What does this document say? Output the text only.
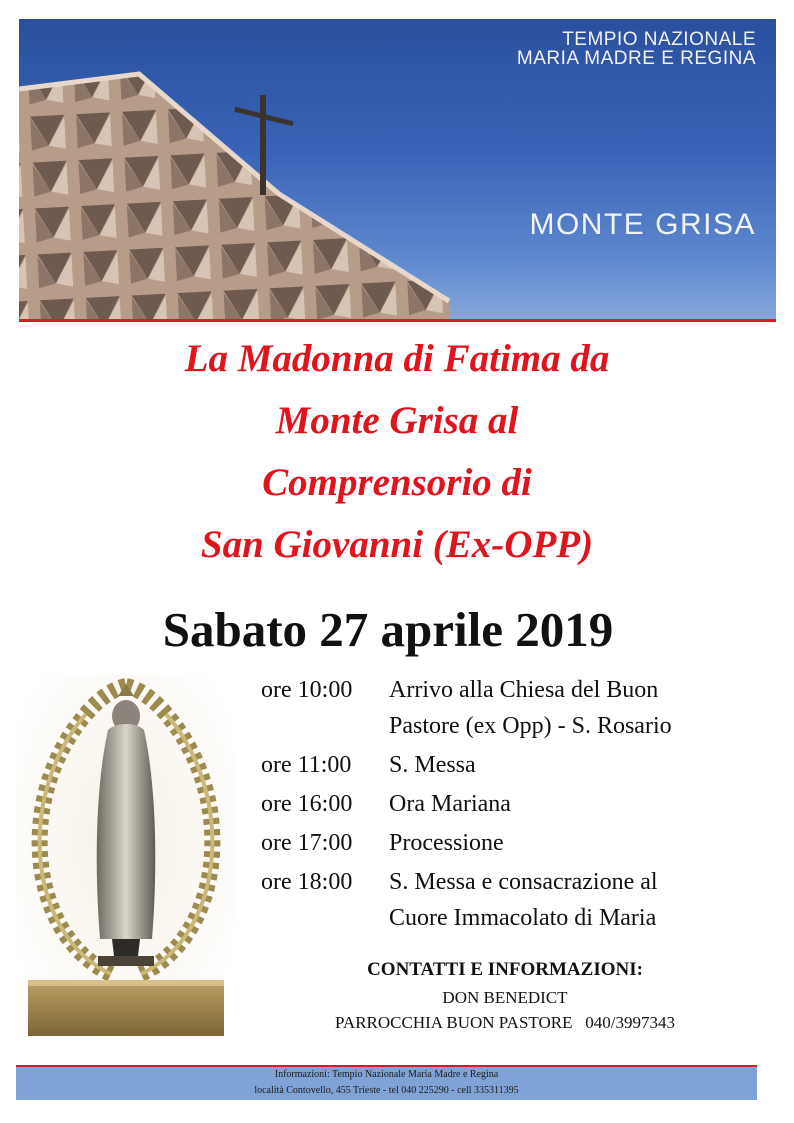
TEMPIO NAZIONALE
MARIA MADRE E REGINA
MONTE GRISA
La Madonna di Fatima da
Monte Grisa al
Comprensorio di
San Giovanni (Ex-OPP)
Sabato 27 aprile 2019
ore 10:00	Arrivo alla Chiesa del Buon
Pastore (ex Opp) - S. Rosario
ore 11:00	S. Messa
ore 16:00	Ora Mariana
ore 17:00	Processione
ore 18:00	S. Messa e consacrazione al
Cuore Immacolato di Maria
CONTATTI E INFORMAZIONI:
DON BENEDICT
PARROCCHIA BUON PASTORE 040/3997343
Informazioni: Tempio Nazionale Maria Madre e Regina
località Contovello, 455 Trieste - tel 040 225290 - cell 335311395
